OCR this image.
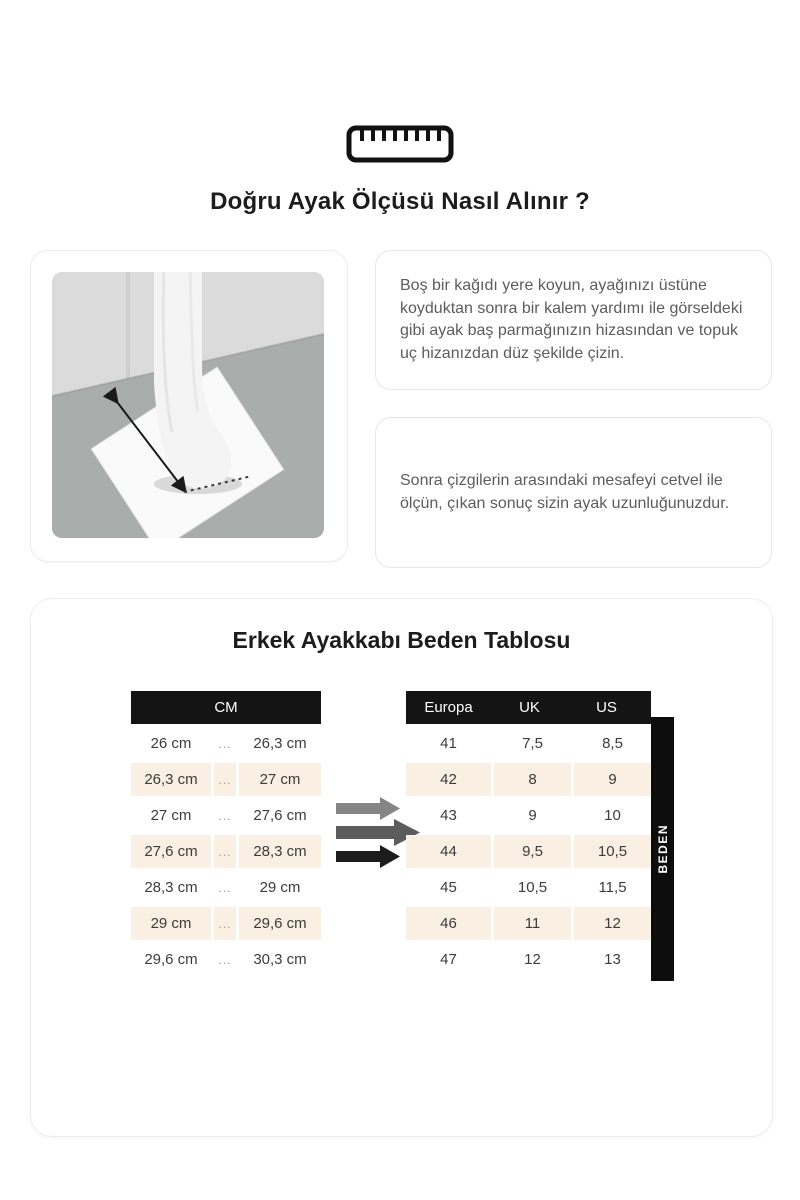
Doğru Ayak Ölçüsü Nasıl Alınır ?
Boş bir kağıdı yere koyun, ayağınızı üstüne koyduktan sonra bir kalem yardımı ile görseldeki gibi ayak baş parmağınızın hizasından ve topuk uç hizanızdan düz şekilde çizin.
Sonra çizgilerin arasındaki mesafeyi cetvel ile ölçün, çıkan sonuç sizin ayak uzunluğunuzdur.
Erkek Ayakkabı Beden Tablosu
CM
26 cm	...	26,3 cm
26,3 cm	...	27 cm
27 cm	...	27,6 cm
27,6 cm	...	28,3 cm
28,3 cm	...	29 cm
29 cm	...	29,6 cm
29,6 cm	...	30,3 cm
Europa	UK	US
41	7,5	8,5
42	8	9
43	9	10
44	9,5	10,5
45	10,5	11,5
46	11	12
47	12	13
BEDEN
